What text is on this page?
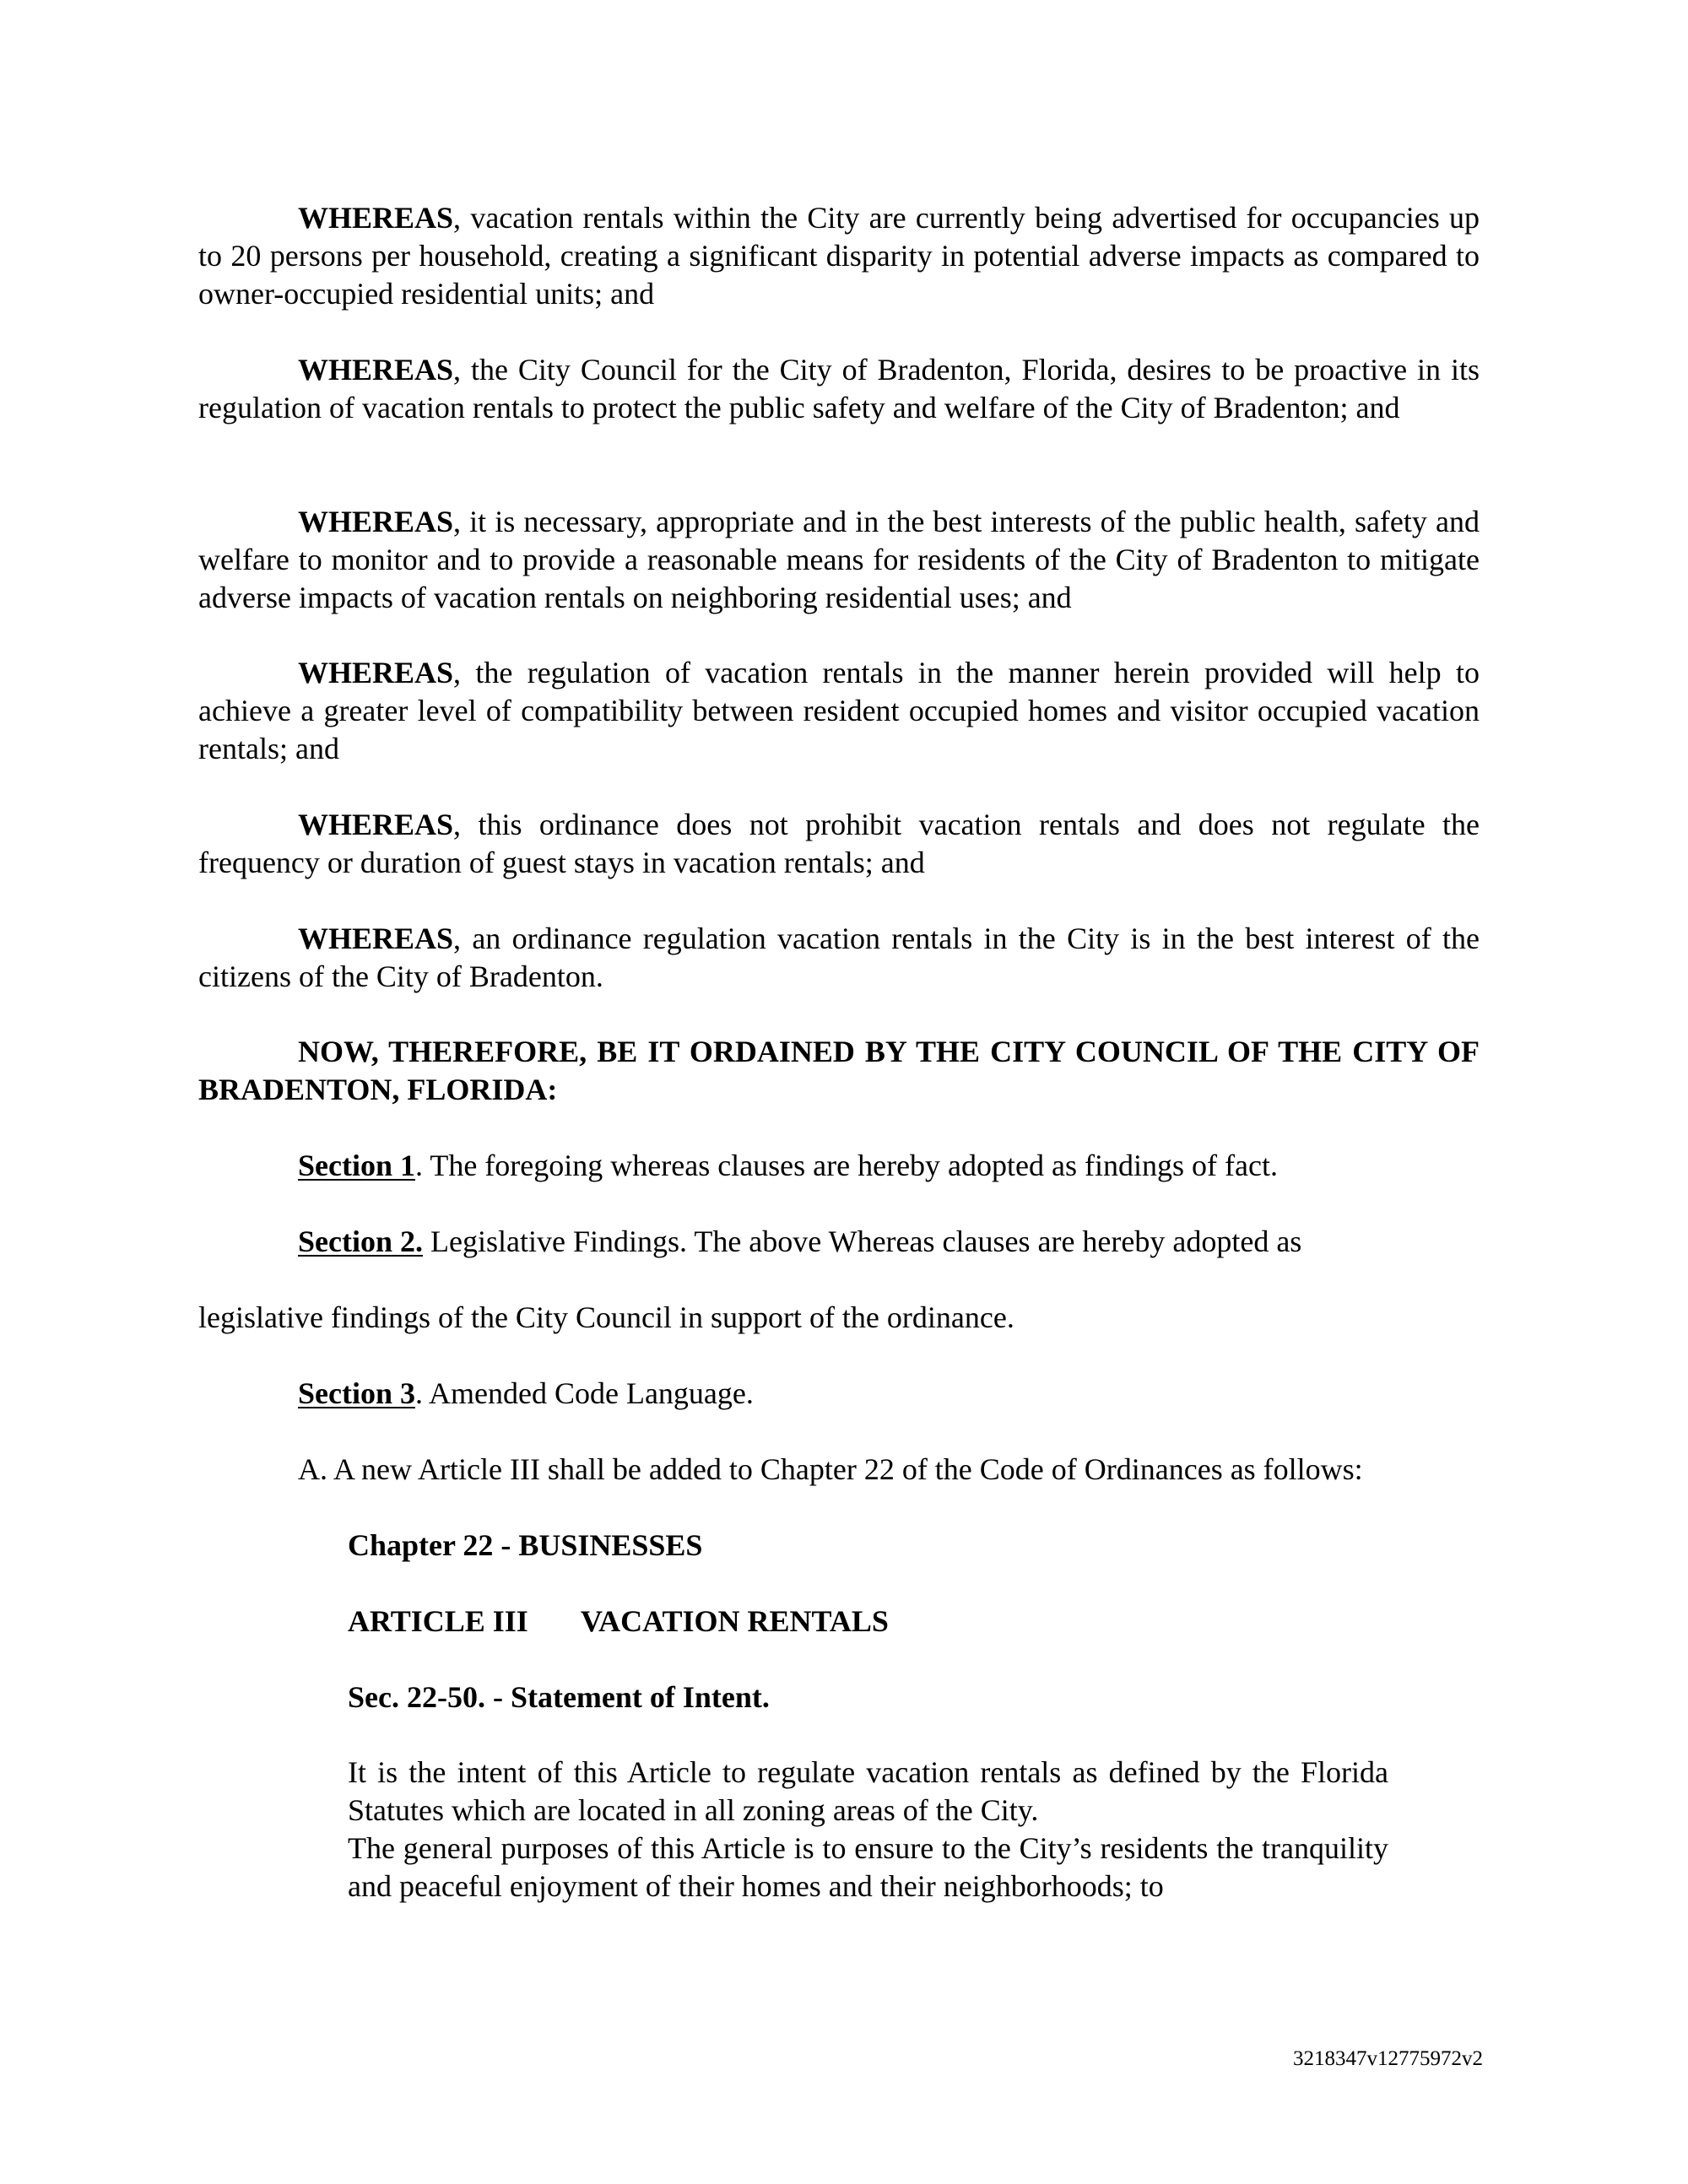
WHEREAS, vacation rentals within the City are currently being advertised for occupancies up to 20 persons per household, creating a significant disparity in potential adverse impacts as compared to owner-occupied residential units; and
WHEREAS, the City Council for the City of Bradenton, Florida, desires to be proactive in its regulation of vacation rentals to protect the public safety and welfare of the City of Bradenton; and
WHEREAS, it is necessary, appropriate and in the best interests of the public health, safety and welfare to monitor and to provide a reasonable means for residents of the City of Bradenton to mitigate adverse impacts of vacation rentals on neighboring residential uses; and
WHEREAS, the regulation of vacation rentals in the manner herein provided will help to achieve a greater level of compatibility between resident occupied homes and visitor occupied vacation rentals; and
WHEREAS, this ordinance does not prohibit vacation rentals and does not regulate the frequency or duration of guest stays in vacation rentals; and
WHEREAS, an ordinance regulation vacation rentals in the City is in the best interest of the citizens of the City of Bradenton.
NOW, THEREFORE, BE IT ORDAINED BY THE CITY COUNCIL OF THE CITY OF BRADENTON, FLORIDA:
Section 1. The foregoing whereas clauses are hereby adopted as findings of fact.
Section 2. Legislative Findings. The above Whereas clauses are hereby adopted as
legislative findings of the City Council in support of the ordinance.
Section 3. Amended Code Language.
A. A new Article III shall be added to Chapter 22 of the Code of Ordinances as follows:
Chapter 22 - BUSINESSES
ARTICLE III VACATION RENTALS
Sec. 22-50. - Statement of Intent.
It is the intent of this Article to regulate vacation rentals as defined by the Florida Statutes which are located in all zoning areas of the City.
The general purposes of this Article is to ensure to the City’s residents the tranquility and peaceful enjoyment of their homes and their neighborhoods; to
3218347v12775972v2
